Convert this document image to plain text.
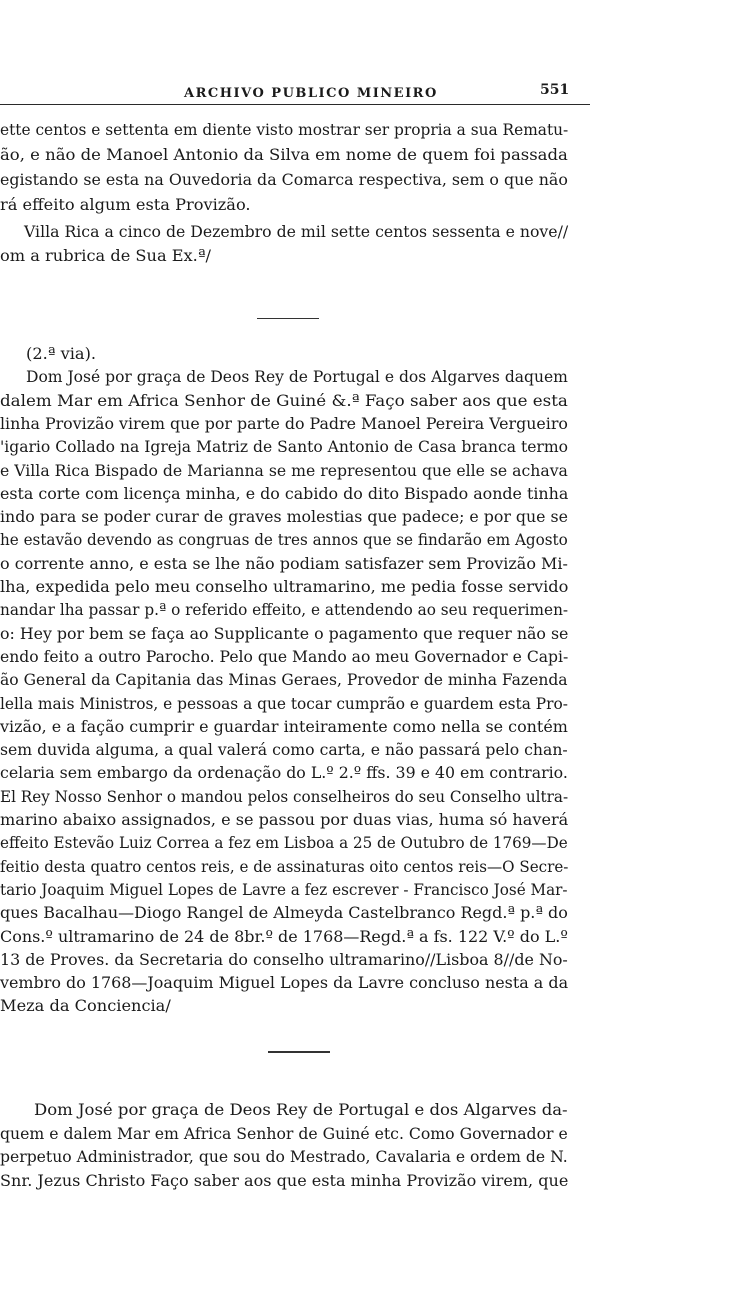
ARCHIVO PUBLICO MINEIRO	551
ette centos e settenta em diente visto mostrar ser propria a sua Rematu-
ão, e não de Manoel Antonio da Silva em nome de quem foi passada
egistando se esta na Ouvedoria da Comarca respectiva, sem o que não
rá effeito algum esta Provizão.
Villa Rica a cinco de Dezembro de mil sette centos sessenta e nove//
om a rubrica de Sua Ex.ª/
(2.ª via).
Dom José por graça de Deos Rey de Portugal e dos Algarves daquem
dalem Mar em Africa Senhor de Guiné &.ª Faço saber aos que esta
linha Provizão virem que por parte do Padre Manoel Pereira Vergueiro
'igario Collado na Igreja Matriz de Santo Antonio de Casa branca termo
e Villa Rica Bispado de Marianna se me representou que elle se achava
esta corte com licença minha, e do cabido do dito Bispado aonde tinha
indo para se poder curar de graves molestias que padece; e por que se
he estavão devendo as congruas de tres annos que se findarão em Agosto
o corrente anno, e esta se lhe não podiam satisfazer sem Provizão Mi-
lha, expedida pelo meu conselho ultramarino, me pedia fosse servido
nandar lha passar p.ª o referido effeito, e attendendo ao seu requerimen-
o: Hey por bem se faça ao Supplicante o pagamento que requer não se
endo feito a outro Parocho. Pelo que Mando ao meu Governador e Capi-
ão General da Capitania das Minas Geraes, Provedor de minha Fazenda
lella mais Ministros, e pessoas a que tocar cumprão e guardem esta Pro-
vizão, e a fação cumprir e guardar inteiramente como nella se contém
sem duvida alguma, a qual valerá como carta, e não passará pelo chan-
celaria sem embargo da ordenação do L.º 2.º ffs. 39 e 40 em contrario.
El Rey Nosso Senhor o mandou pelos conselheiros do seu Conselho ultra-
marino abaixo assignados, e se passou por duas vias, huma só haverá
effeito Estevão Luiz Correa a fez em Lisboa a 25 de Outubro de 1769—De
feitio desta quatro centos reis, e de assinaturas oito centos reis—O Secre-
tario Joaquim Miguel Lopes de Lavre a fez escrever - Francisco José Mar-
ques Bacalhau—Diogo Rangel de Almeyda Castelbranco Regd.ª p.ª do
Cons.º ultramarino de 24 de 8br.º de 1768—Regd.ª a fs. 122 V.º do L.º
13 de Proves. da Secretaria do conselho ultramarino//Lisboa 8//de No-
vembro do 1768—Joaquim Miguel Lopes da Lavre concluso nesta a da
Meza da Conciencia/
Dom José por graça de Deos Rey de Portugal e dos Algarves da-
quem e dalem Mar em Africa Senhor de Guiné etc. Como Governador e
perpetuo Administrador, que sou do Mestrado, Cavalaria e ordem de N.
Snr. Jezus Christo Faço saber aos que esta minha Provizão virem, que
